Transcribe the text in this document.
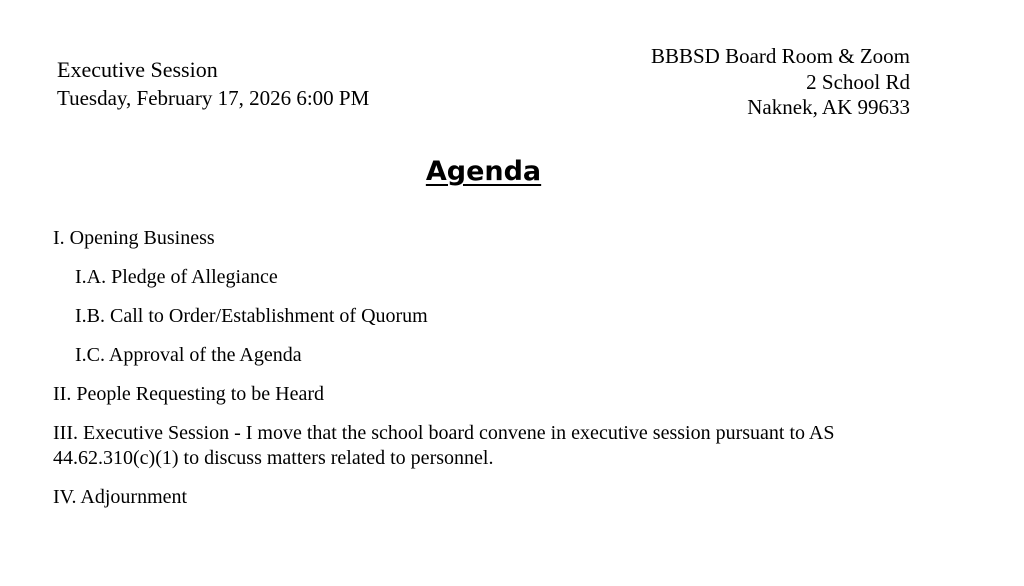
Executive Session
Tuesday, February 17, 2026 6:00 PM
BBBSD Board Room & Zoom
2 School Rd
Naknek, AK 99633
Agenda
I. Opening Business
I.A. Pledge of Allegiance
I.B. Call to Order/Establishment of Quorum
I.C. Approval of the Agenda
II. People Requesting to be Heard
III. Executive Session - I move that the school board convene in executive session pursuant to AS 44.62.310(c)(1) to discuss matters related to personnel.
IV. Adjournment
